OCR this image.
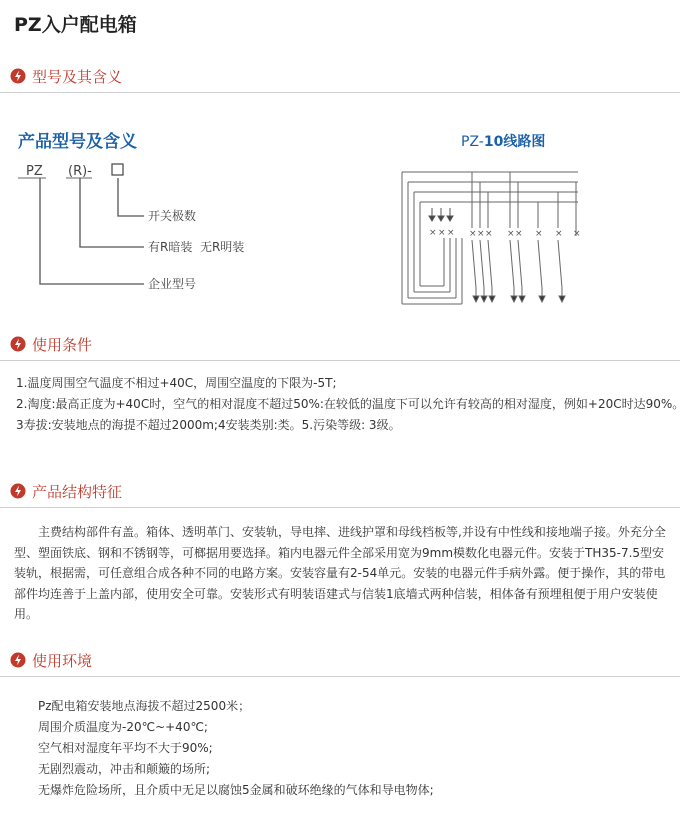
PZ入户配电箱
型号及其含义
产品型号及含义
PZ (R)-
开关极数
有R暗装  无R明装
企业型号
PZ-10线路图
× × × × × × × × × × ×
使用条件
1.温度周围空气温度不相过+40C，周围空温度的下限为-5T;
2.淘度:最高正度为+40C时，空气的相对混度不超过50%:在较低的温度下可以允许有较高的相对湿度，例如+20C时达90%。
3寿拔:安装地点的海提不超过2000m;4安装类别:类。5.污染等级: 3级。
产品结构特征
主费结构部件有盖。箱体、透明革门、安装轨，导电摔、进线护罩和母线档板等,并设有中性线和接地端子接。外充分全型、塑面铁底、钢和不锈钢等，可榔据用要选择。箱内电器元件全部采用宽为9mm模数化电器元件。安装于TH35-7.5型安装轨，根据需，可任意组合成各种不同的电路方案。安装容量有2-54单元。安装的电器元件手病外露。便于操作，其的带电部件均连善于上盖内部，使用安全可靠。安装形式有明装语建式与信装1底墙式两种信装，相体备有预埋租便于用户安装使用。
使用环境
Pz配电箱安装地点海拔不超过2500米；
周围介质温度为-20℃~+40℃;
空气相对湿度年平均不大于90%;
无剧烈震动，冲击和颠簸的场所;
无爆炸危险场所，且介质中无足以腐蚀5金属和破环绝缘的气体和导电物体;
